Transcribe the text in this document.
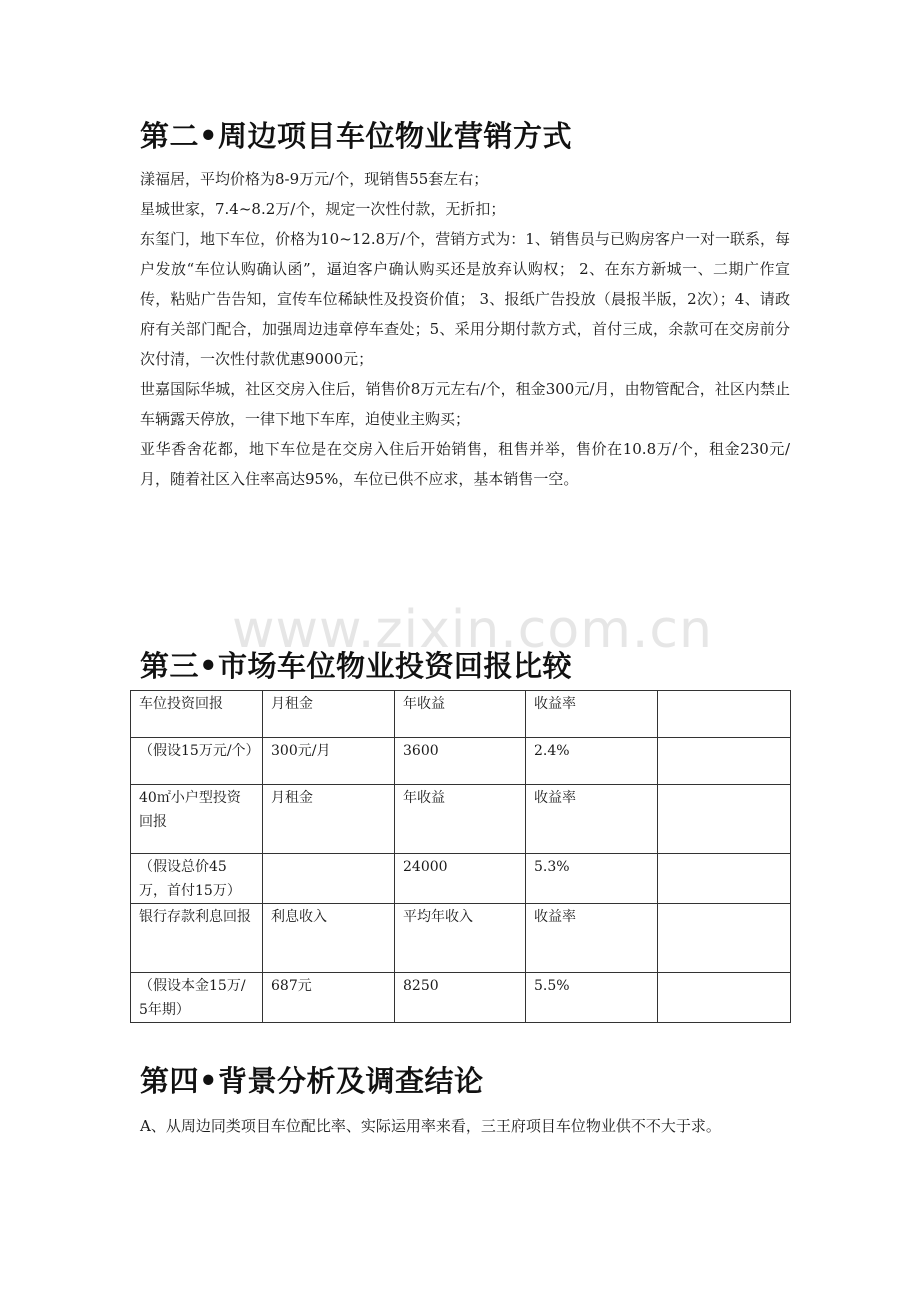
第二•周边项目车位物业营销方式

漾福居，平均价格为8-9万元/个，现销售55套左右；

星城世家，7.4~8.2万/个，规定一次性付款，无折扣；

东玺门，地下车位，价格为10~12.8万/个，营销方式为：1、销售员与已购房客户一对一联系，每户发放“车位认购确认函”，逼迫客户确认购买还是放弃认购权； 2、在东方新城一、二期广作宣传，粘贴广告告知，宣传车位稀缺性及投资价值； 3、报纸广告投放（晨报半版，2次）；4、请政府有关部门配合，加强周边违章停车查处；5、采用分期付款方式，首付三成，余款可在交房前分次付清，一次性付款优惠9000元；

世嘉国际华城，社区交房入住后，销售价8万元左右/个，租金300元/月，由物管配合，社区内禁止车辆露天停放，一律下地下车库，迫使业主购买；

亚华香舍花都，地下车位是在交房入住后开始销售，租售并举，售价在10.8万/个，租金230元/月，随着社区入住率高达95%，车位已供不应求，基本销售一空。

www.zixin.com.cn
第三•市场车位物业投资回报比较
车位投资回报	月租金	年收益	收益率	
（假设15万元/个）	300元/月	3600	2.4%	
40㎡小户型投资回报	月租金	年收益	收益率	
（假设总价45万，首付15万）		24000	5.3%	
银行存款利息回报	利息收入	平均年收入	收益率	
（假设本金15万/5年期）	687元	8250	5.5%	
第四•背景分析及调查结论

A、从周边同类项目车位配比率、实际运用率来看，三王府项目车位物业供不不大于求。
